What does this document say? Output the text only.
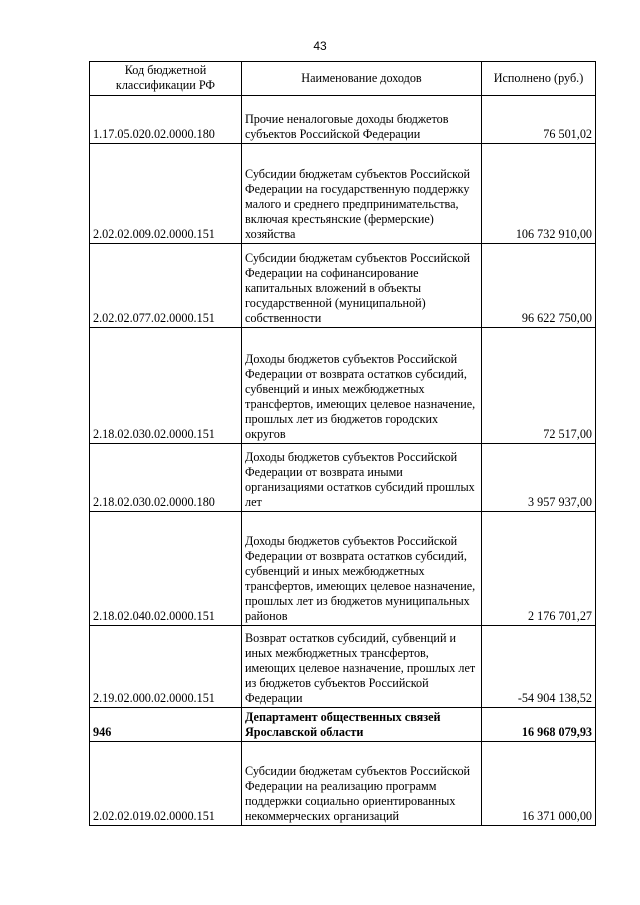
43
Код бюджетной классификации РФ	Наименование доходов	Исполнено (руб.)
1.17.05.020.02.0000.180	Прочие неналоговые доходы бюджетов субъектов Российской Федерации	76 501,02
2.02.02.009.02.0000.151	Субсидии бюджетам субъектов Российской Федерации на государственную поддержку малого и среднего предпринимательства, включая крестьянские (фермерские) хозяйства	106 732 910,00
2.02.02.077.02.0000.151	Субсидии бюджетам субъектов Российской Федерации на софинансирование капитальных вложений в объекты государственной (муниципальной) собственности	96 622 750,00
2.18.02.030.02.0000.151	Доходы бюджетов субъектов Российской Федерации от возврата остатков субсидий, субвенций и иных межбюджетных трансфертов, имеющих целевое назначение, прошлых лет из бюджетов городских округов	72 517,00
2.18.02.030.02.0000.180	Доходы бюджетов субъектов Российской Федерации от возврата иными организациями остатков субсидий прошлых лет	3 957 937,00
2.18.02.040.02.0000.151	Доходы бюджетов субъектов Российской Федерации от возврата остатков субсидий, субвенций и иных межбюджетных трансфертов, имеющих целевое назначение, прошлых лет из бюджетов муниципальных районов	2 176 701,27
2.19.02.000.02.0000.151	Возврат остатков субсидий, субвенций и иных межбюджетных трансфертов, имеющих целевое назначение, прошлых лет из бюджетов субъектов Российской Федерации	-54 904 138,52
946	Департамент общественных связей Ярославской области	16 968 079,93
2.02.02.019.02.0000.151	Субсидии бюджетам субъектов Российской Федерации на реализацию программ поддержки социально ориентированных некоммерческих организаций	16 371 000,00
